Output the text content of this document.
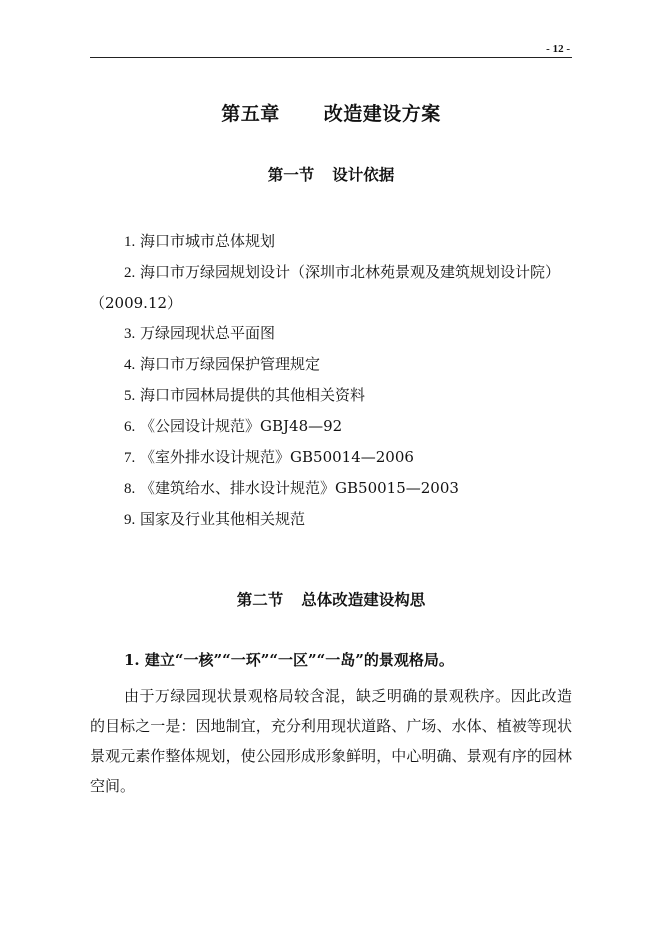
- 12 -
第五章 改造建设方案
第一节 设计依据
1. 海口市城市总体规划
2. 海口市万绿园规划设计（深圳市北林苑景观及建筑规划设计院）　（2009.12）
3. 万绿园现状总平面图
4. 海口市万绿园保护管理规定
5. 海口市园林局提供的其他相关资料
6. 《公园设计规范》GBJ48—92
7. 《室外排水设计规范》GB50014—2006
8. 《建筑给水、排水设计规范》GB50015—2003
9. 国家及行业其他相关规范
第二节 总体改造建设构思
1. 建立“一核”“一环”“一区”“一岛”的景观格局。
由于万绿园现状景观格局较含混，缺乏明确的景观秩序。因此改造的目标之一是：因地制宜，充分利用现状道路、广场、水体、植被等现状景观元素作整体规划，使公园形成形象鲜明，中心明确、景观有序的园林空间。
